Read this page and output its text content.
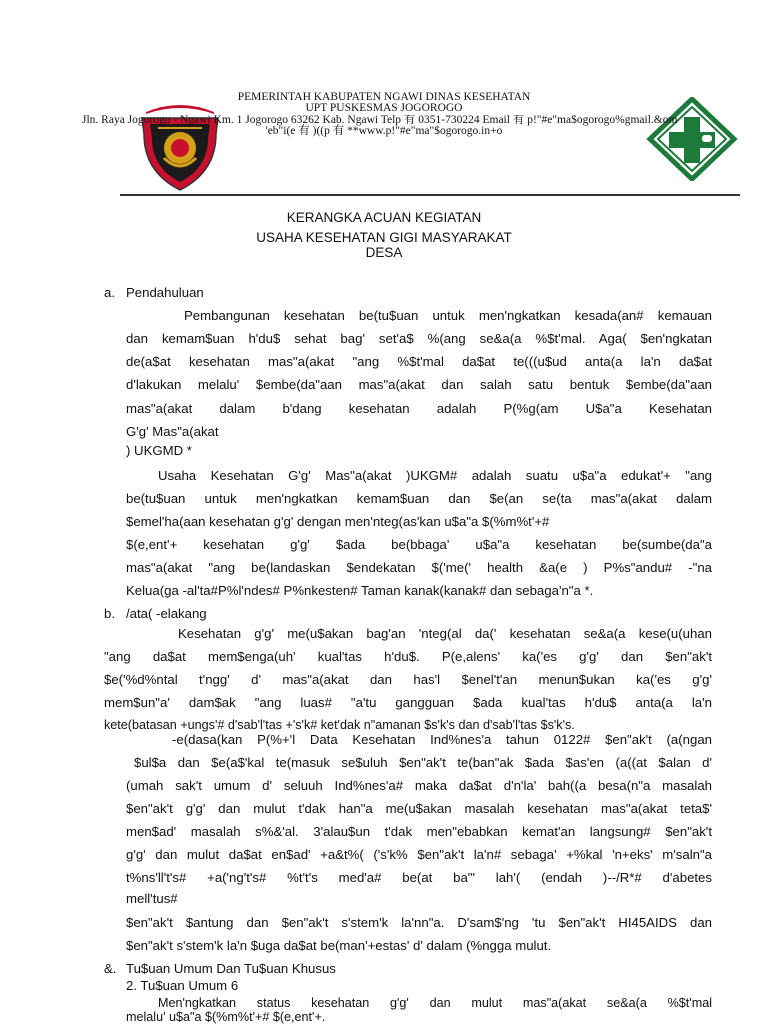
PEMERINTAH KABUPATEN NGAWI DINAS KESEHATAN
UPT PUSKESMAS JOGOROGO
Jln. Raya Jogorogo - Ngawi Km. 1 Jogorogo 63262 Kab. Ngawi Telp 有 0351-730224 Email 有 p!"#e"ma$ogorogo%gmail.&om
'eb"i(e 有 )((p 有 **www.p!"#e"ma"$ogorogo.in+o
KERANGKA ACUAN KEGIATAN
USAHA KESEHATAN GIGI MASYARAKAT
DESA
a. Pendahuluan
Pembangunan kesehatan be(tu$uan untuk men'ngkatkan kesada(an# kemauan
dan kemam$uan h'du$ sehat bag' set'a$ %(ang se&a(a %$t'mal. Aga( $en'ngkatan
de(a$at kesehatan mas"a(akat "ang %$t'mal da$at te(((u$ud anta(a la'n da$at
d'lakukan melalu' $embe(da"aan mas"a(akat dan salah satu bentuk $embe(da"aan
mas"a(akat dalam b'dang kesehatan adalah P(%g(am U$a"a Kesehatan
G'g' Mas"a(akat
) UKGMD *
Usaha Kesehatan G'g' Mas"a(akat )UKGM# adalah suatu u$a"a edukat'+ "ang
be(tu$uan untuk men'ngkatkan kemam$uan dan $e(an se(ta mas"a(akat dalam
$emel'ha(aan kesehatan g'g' dengan men'nteg(as'kan u$a"a $(%m%t'+#
$(e,ent'+ kesehatan g'g' $ada be(bbaga' u$a"a kesehatan be(sumbe(da"a
mas"a(akat "ang be(landaskan $endekatan $('me(' health &a(e ) P%s"andu# -"na
Kelua(ga -al'ta#P%l'ndes# P%nkesten# Taman kanak(kanak# dan sebaga'n"a *.
b. /ata( -elakang
Kesehatan g'g' me(u$akan bag'an 'nteg(al da(' kesehatan se&a(a kese(u(uhan
"ang da$at mem$enga(uh' kual'tas h'du$. P(e,alens' ka('es g'g' dan $en"ak't
$e('%d%ntal t'ngg' d' mas"a(akat dan has'l $enel't'an menun$ukan ka('es g'g'
mem$un"a' dam$ak "ang luas# "a'tu gangguan $ada kual'tas h'du$ anta(a la'n
kete(batasan +ungs'# d'sab'l'tas +'s'k# ket'dak n"amanan $s'k's dan d'sab'l'tas $s'k's.
-e(dasa(kan P(%+'l Data Kesehatan Ind%nes'a tahun 0122# $en"ak't (a(ngan
$ul$a dan $e(a$'kal te(masuk se$uluh $en"ak't te(ban"ak $ada $as'en (a((at $alan d'
(umah sak't umum d' seluuh Ind%nes'a# maka da$at d'n'la' bah((a besa(n"a masalah
$en"ak't g'g' dan mulut t'dak han"a me(u$akan masalah kesehatan mas"a(akat teta$'
men$ad' masalah s%&'al. 3'alau$un t'dak men"ebabkan kemat'an langsung# $en"ak't
g'g' dan mulut da$at en$ad' +a&t%( ('s'k% $en"ak't la'n# sebaga' +%kal 'n+eks' m'saln"a
t%ns'll't's# +a('ng't's# %t't's med'a# be(at ba"' lah'( (endah )--/R*# d'abetes
mell'tus#
$en"ak't $antung dan $en"ak't s'stem'k la'nn"a. D'sam$'ng 'tu $en"ak't HI45AIDS dan
$en"ak't s'stem'k la'n $uga da$at be(man'+estas' d' dalam (%ngga mulut.
&. Tu$uan Umum Dan Tu$uan Khusus
2. Tu$uan Umum 6
Men'ngkatkan status kesehatan g'g' dan mulut mas"a(akat se&a(a %$t'mal
melalu' u$a"a $(%m%t'+# $(e,ent'+.
